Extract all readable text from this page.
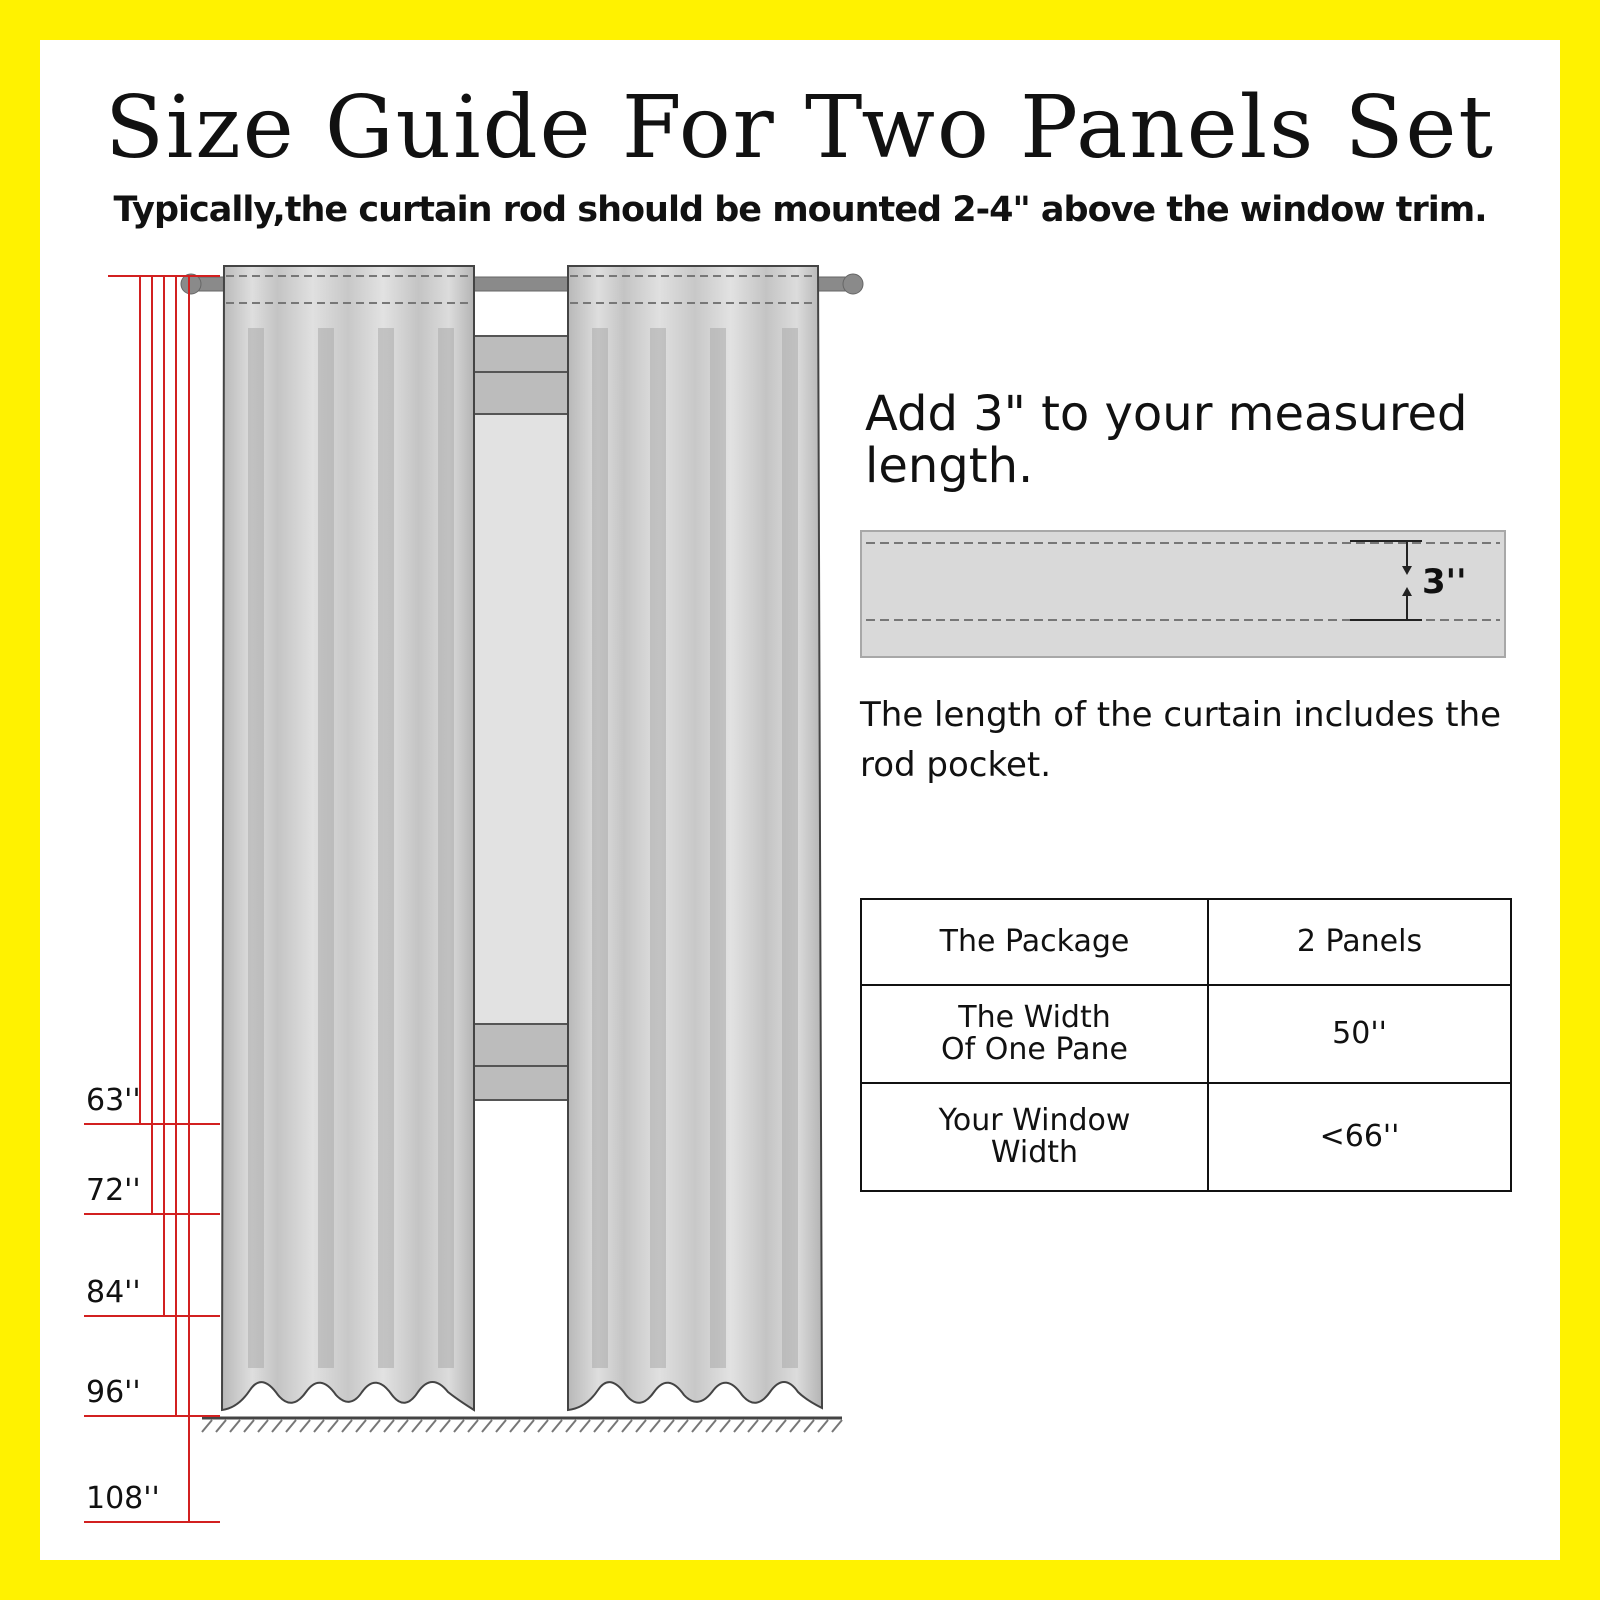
Size Guide For Two Panels Set
Typically,the curtain rod should be mounted 2-4" above the window trim.
3''
Add 3" to your measured length.
The length of the curtain includes the rod pocket.
The Package	2 Panels

The Width
Of One Pane	50''

Your Window
Width	<66''
63''
72''
84''
96''
108''
